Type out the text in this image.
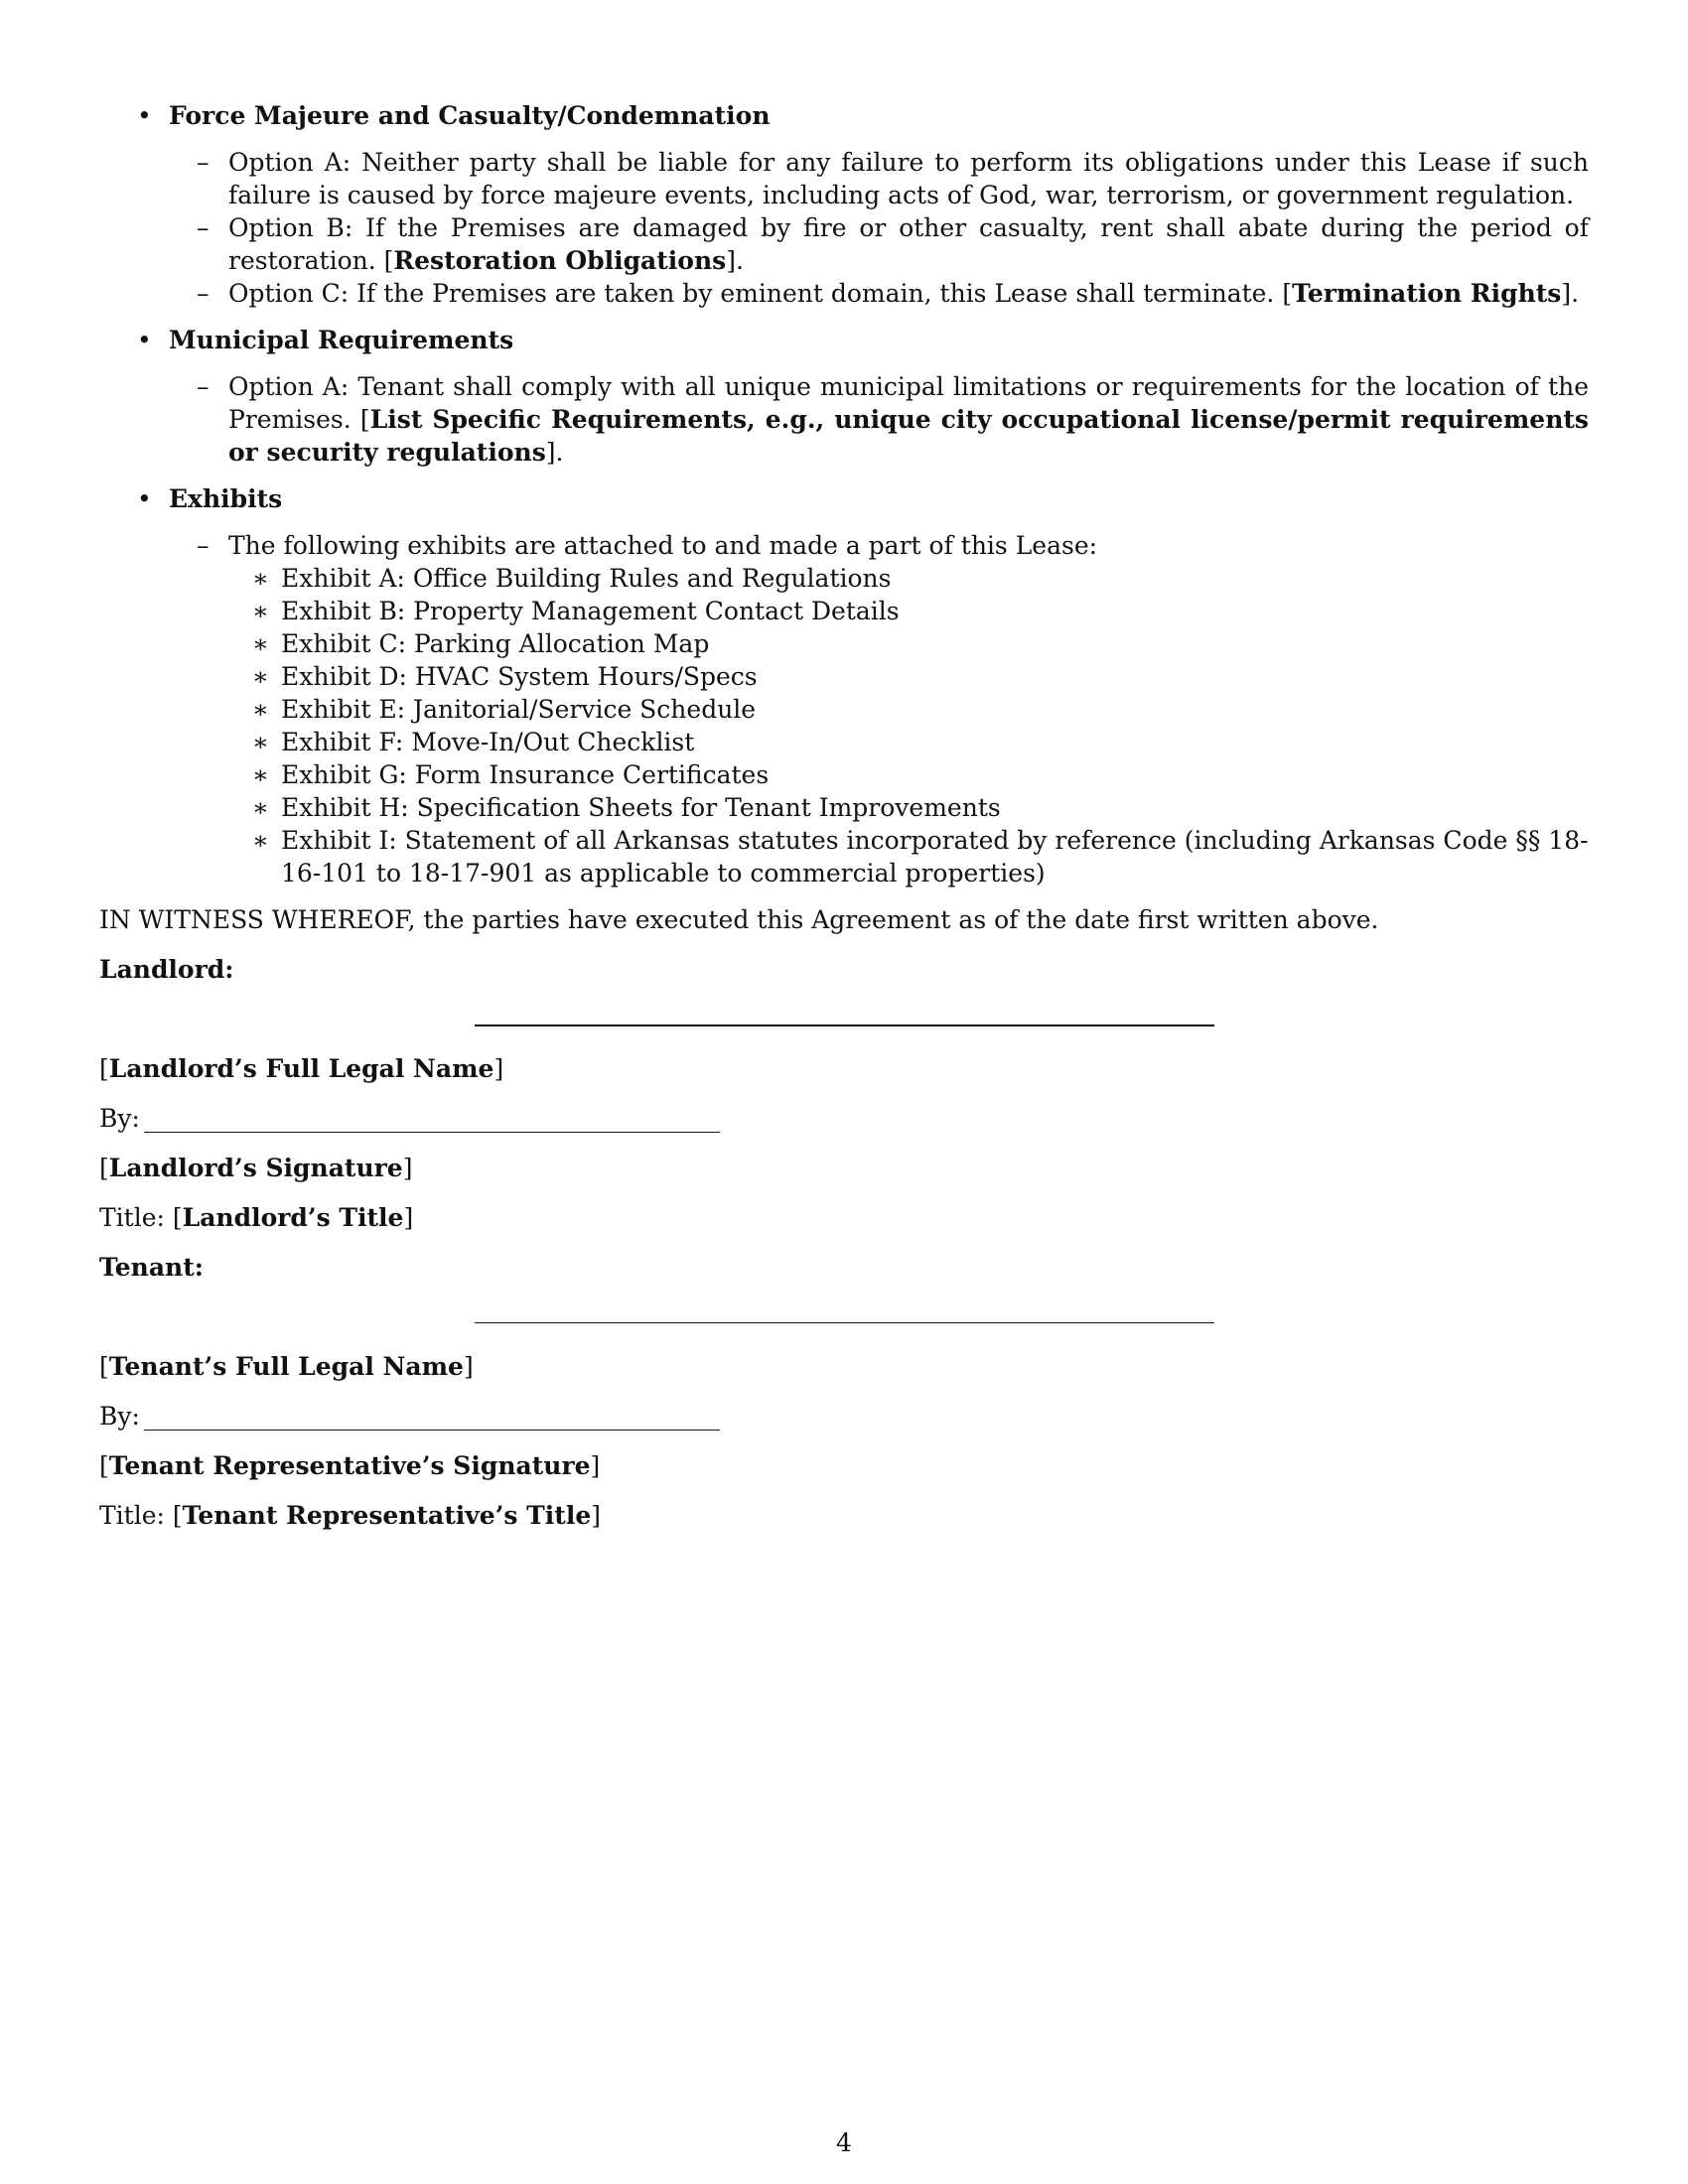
• Force Majeure and Casualty/Condemnation
– Option A: Neither party shall be liable for any failure to perform its obligations under this Lease if such failure is caused by force majeure events, including acts of God, war, terrorism, or government regulation.
– Option B: If the Premises are damaged by fire or other casualty, rent shall abate during the period of restoration. [Restoration Obligations].
– Option C: If the Premises are taken by eminent domain, this Lease shall terminate. [Termination Rights].
• Municipal Requirements
– Option A: Tenant shall comply with all unique municipal limitations or requirements for the location of the Premises. [List Specific Requirements, e.g., unique city occupational license/permit requirements or security regulations].
• Exhibits
– The following exhibits are attached to and made a part of this Lease:
∗ Exhibit A: Office Building Rules and Regulations
∗ Exhibit B: Property Management Contact Details
∗ Exhibit C: Parking Allocation Map
∗ Exhibit D: HVAC System Hours/Specs
∗ Exhibit E: Janitorial/Service Schedule
∗ Exhibit F: Move-In/Out Checklist
∗ Exhibit G: Form Insurance Certificates
∗ Exhibit H: Specification Sheets for Tenant Improvements
∗ Exhibit I: Statement of all Arkansas statutes incorporated by reference (including Arkansas Code §§ 18-16-101 to 18-17-901 as applicable to commercial properties)
IN WITNESS WHEREOF, the parties have executed this Agreement as of the date first written above.
Landlord:
[Landlord’s Full Legal Name]
By:
[Landlord’s Signature]
Title: [Landlord’s Title]
Tenant:
[Tenant’s Full Legal Name]
By:
[Tenant Representative’s Signature]
Title: [Tenant Representative’s Title]
4
